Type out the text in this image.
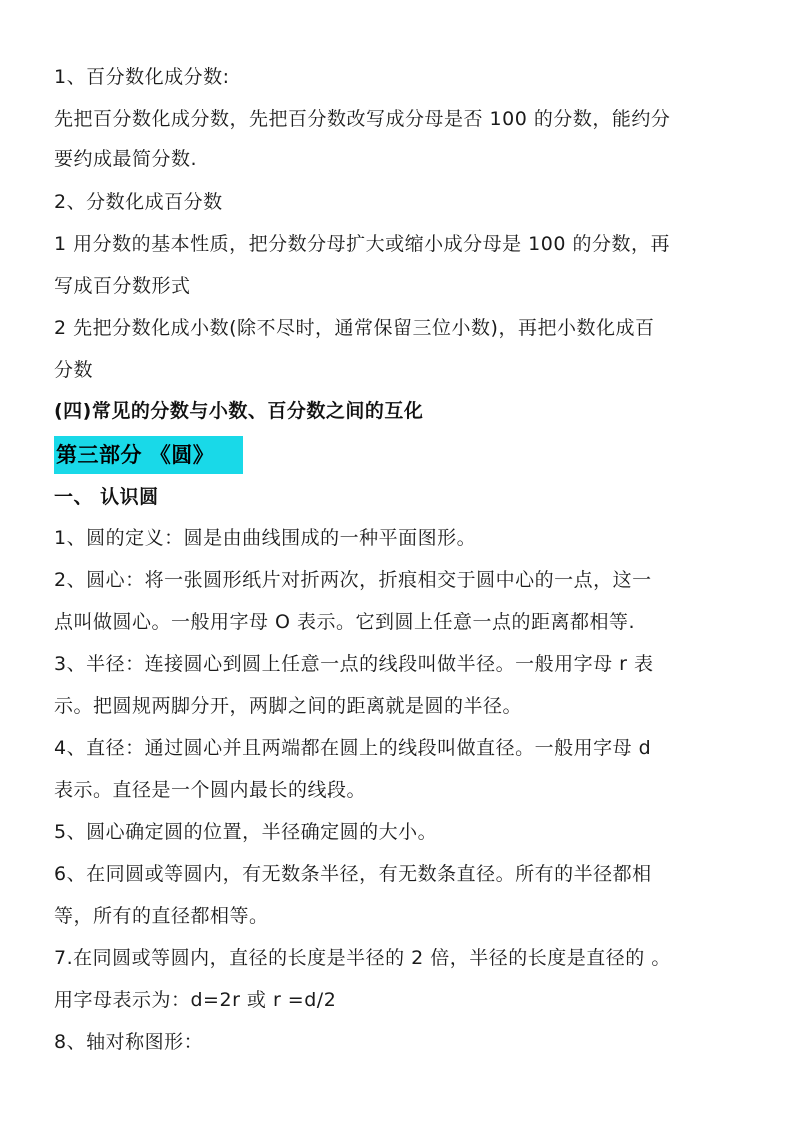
1、百分数化成分数:
先把百分数化成分数，先把百分数改写成分母是否 100 的分数，能约分
要约成最简分数.
2、分数化成百分数
1 用分数的基本性质，把分数分母扩大或缩小成分母是 100 的分数，再
写成百分数形式
2 先把分数化成小数(除不尽时，通常保留三位小数)，再把小数化成百
分数
(四)常见的分数与小数、百分数之间的互化
第三部分 《圆》
一、 认识圆
1、圆的定义：圆是由曲线围成的一种平面图形。
2、圆心：将一张圆形纸片对折两次，折痕相交于圆中心的一点，这一
点叫做圆心。一般用字母 O 表示。它到圆上任意一点的距离都相等.
3、半径：连接圆心到圆上任意一点的线段叫做半径。一般用字母 r 表
示。把圆规两脚分开，两脚之间的距离就是圆的半径。
4、直径：通过圆心并且两端都在圆上的线段叫做直径。一般用字母 d
表示。直径是一个圆内最长的线段。
5、圆心确定圆的位置，半径确定圆的大小。
6、在同圆或等圆内，有无数条半径，有无数条直径。所有的半径都相
等，所有的直径都相等。
7.在同圆或等圆内，直径的长度是半径的 2 倍，半径的长度是直径的 。
用字母表示为：d=2r 或 r =d/2
8、轴对称图形：
